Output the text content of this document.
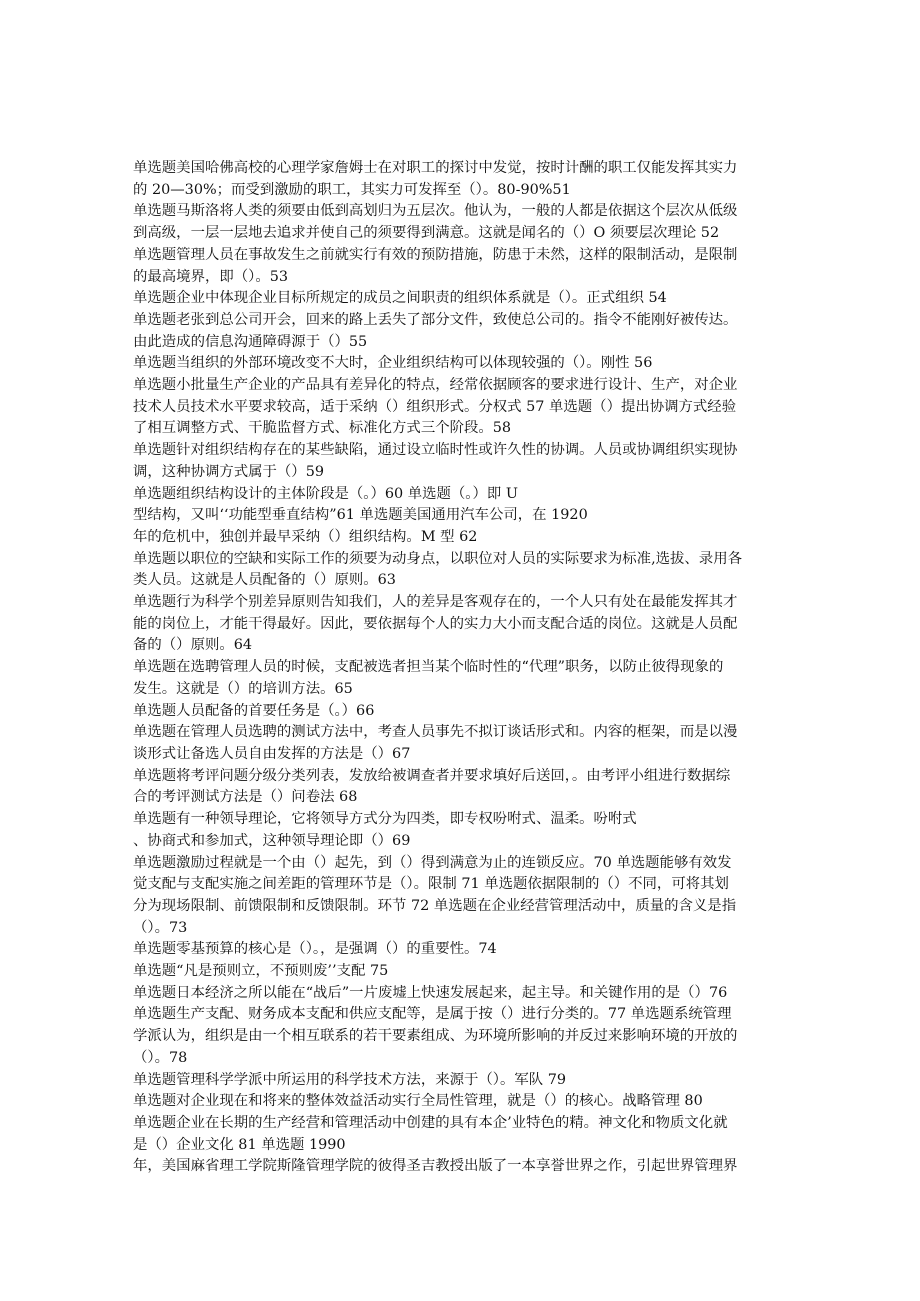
单选题美国哈佛高校的心理学家詹姆士在对职工的探讨中发觉，按时计酬的职工仅能发挥其实力

的 20—30%；而受到激励的职工，其实力可发挥至（）。80-90%51

单选题马斯洛将人类的须要由低到高划归为五层次。他认为，一般的人都是依据这个层次从低级

到高级，一层一层地去追求并使自己的须要得到满意。这就是闻名的（）O 须要层次理论 52

单选题管理人员在事故发生之前就实行有效的预防措施，防患于未然，这样的限制活动，是限制

的最高境界，即（）。53

单选题企业中体现企业目标所规定的成员之间职责的组织体系就是（）。正式组织 54

单选题老张到总公司开会，回来的路上丢失了部分文件，致使总公司的。指令不能刚好被传达。

由此造成的信息沟通障碍源于（）55

单选题当组织的外部环境改变不大时，企业组织结构可以体现较强的（）。刚性 56

单选题小批量生产企业的产品具有差异化的特点，经常依据顾客的要求进行设计、生产，对企业

技术人员技术水平要求较高，适于采纳（）组织形式。分权式 57 单选题（）提出协调方式经验

了相互调整方式、干脆监督方式、标准化方式三个阶段。58

单选题针对组织结构存在的某些缺陷，通过设立临时性或许久性的协调。人员或协调组织实现协

调，这种协调方式属于（）59

单选题组织结构设计的主体阶段是（。）60 单选题（。）即 U

型结构，又叫‘‘功能型垂直结构”61 单选题美国通用汽车公司，在 1920

年的危机中，独创并最早采纳（）组织结构。M 型 62

单选题以职位的空缺和实际工作的须要为动身点，以职位对人员的实际要求为标准,选拔、录用各

类人员。这就是人员配备的（）原则。63

单选题行为科学个别差异原则告知我们，人的差异是客观存在的，一个人只有处在最能发挥其才

能的岗位上，才能干得最好。因此，要依据每个人的实力大小而支配合适的岗位。这就是人员配

备的（）原则。64

单选题在选聘管理人员的时候，支配被选者担当某个临时性的“代理”职务，以防止彼得现象的

发生。这就是（）的培训方法。65

单选题人员配备的首要任务是（。）66

单选题在管理人员选聘的测试方法中，考查人员事先不拟订谈话形式和。内容的框架，而是以漫

谈形式让备选人员自由发挥的方法是（）67

单选题将考评问题分级分类列表，发放给被调查者并要求填好后送回，。由考评小组进行数据综

合的考评测试方法是（）问卷法 68

单选题有一种领导理论，它将领导方式分为四类，即专权吩咐式、温柔。吩咐式

、协商式和参加式，这种领导理论即（）69

单选题激励过程就是一个由（）起先，到（）得到满意为止的连锁反应。70 单选题能够有效发

觉支配与支配实施之间差距的管理环节是（）。限制 71 单选题依据限制的（）不同，可将其划

分为现场限制、前馈限制和反馈限制。环节 72 单选题在企业经营管理活动中，质量的含义是指

（）。73

单选题零基预算的核心是（）。，是强调（）的重要性。74

单选题“凡是预则立，不预则废’’支配 75

单选题日本经济之所以能在“战后”一片废墟上快速发展起来，起主导。和关键作用的是（）76

单选题生产支配、财务成本支配和供应支配等，是属于按（）进行分类的。77 单选题系统管理

学派认为，组织是由一个相互联系的若干要素组成、为环境所影响的并反过来影响环境的开放的

（）。78

单选题管理科学学派中所运用的科学技术方法，来源于（）。军队 79

单选题对企业现在和将来的整体效益活动实行全局性管理，就是（）的核心。战略管理 80

单选题企业在长期的生产经营和管理活动中创建的具有本企’业特色的精。神文化和物质文化就

是（）企业文化 81 单选题 1990

年，美国麻省理工学院斯隆管理学院的彼得圣吉教授出版了一本享誉世界之作，引起世界管理界
